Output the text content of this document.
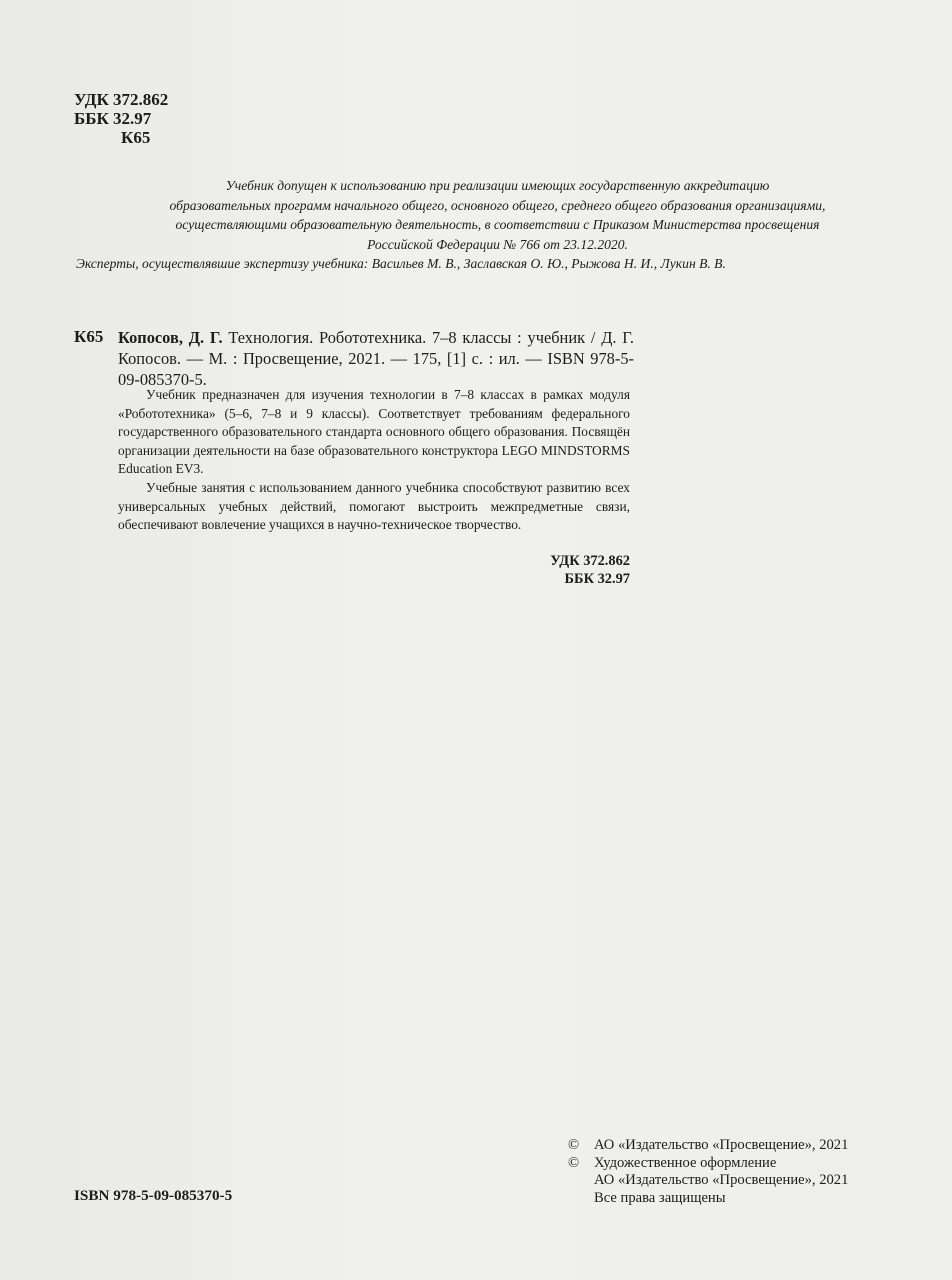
УДК 372.862
ББК 32.97
К65
Учебник допущен к использованию при реализации имеющих государственную аккредитацию
образовательных программ начального общего, основного общего, среднего общего образования организациями,
осуществляющими образовательную деятельность, в соответствии с Приказом Министерства просвещения
Российской Федерации № 766 от 23.12.2020.
Эксперты, осуществлявшие экспертизу учебника: Васильев М. В., Заславская О. Ю., Рыжова Н. И., Лукин В. В.
К65 Копосов, Д. Г. Технология. Робототехника. 7–8 классы : учебник / Д. Г. Копосов. — М. : Просвещение, 2021. — 175, [1] с. : ил. — ISBN 978-5-09-085370-5.

Учебник предназначен для изучения технологии в 7–8 классах в рамках модуля «Робототехника» (5–6, 7–8 и 9 классы). Соответствует требованиям федерального государственного образовательного стандарта основного общего образования. Посвящён организации деятельности на базе образовательного конструктора LEGO MINDSTORMS Education EV3.

Учебные занятия с использованием данного учебника способствуют развитию всех универсальных учебных действий, помогают выстроить межпредметные связи, обеспечивают вовлечение учащихся в научно-техническое творчество.

УДК 372.862
ББК 32.97
© АО «Издательство «Просвещение», 2021
© Художественное оформление
АО «Издательство «Просвещение», 2021
Все права защищены
ISBN 978-5-09-085370-5
